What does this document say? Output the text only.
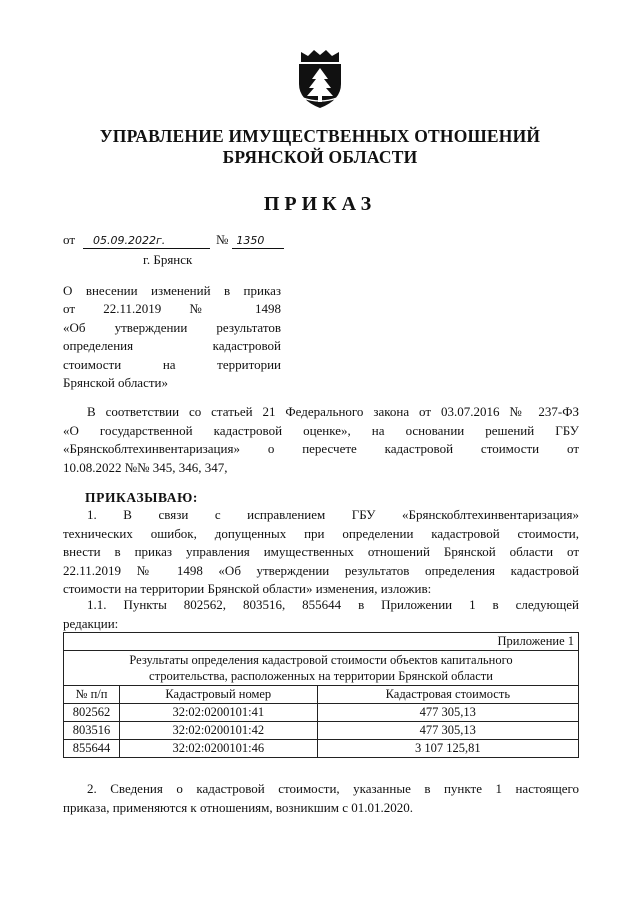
УПРАВЛЕНИЕ ИМУЩЕСТВЕННЫХ ОТНОШЕНИЙ
БРЯНСКОЙ ОБЛАСТИ
ПРИКАЗ
от 05.09.2022г.	№ 1350
г. Брянск
О внесении изменений в приказ
от 22.11.2019 № 1498
«Об утверждении результатов
определения кадастровой
стоимости на территории
Брянской области»
В соответствии со статьей 21 Федерального закона от 03.07.2016 № 237-ФЗ
«О государственной кадастровой оценке», на основании решений ГБУ
«Брянскоблтехинвентаризация» о пересчете кадастровой стоимости от
10.08.2022 №№ 345, 346, 347,
ПРИКАЗЫВАЮ:
1. В связи с исправлением ГБУ «Брянскоблтехинвентаризация»
технических ошибок, допущенных при определении кадастровой стоимости,
внести в приказ управления имущественных отношений Брянской области от
22.11.2019 № 1498 «Об утверждении результатов определения кадастровой
стоимости на территории Брянской области» изменения, изложив:
1.1. Пункты 802562, 803516, 855644 в Приложении 1 в следующей
редакции:
Приложение 1		

Результаты определения кадастровой стоимости объектов капитального
строительства, расположенных на территории Брянской области		

№ п/п	Кадастровый номер	Кадастровая стоимость
802562	32:02:0200101:41	477 305,13
803516	32:02:0200101:42	477 305,13
855644	32:02:0200101:46	3 107 125,81
2. Сведения о кадастровой стоимости, указанные в пункте 1 настоящего
приказа, применяются к отношениям, возникшим с 01.01.2020.
